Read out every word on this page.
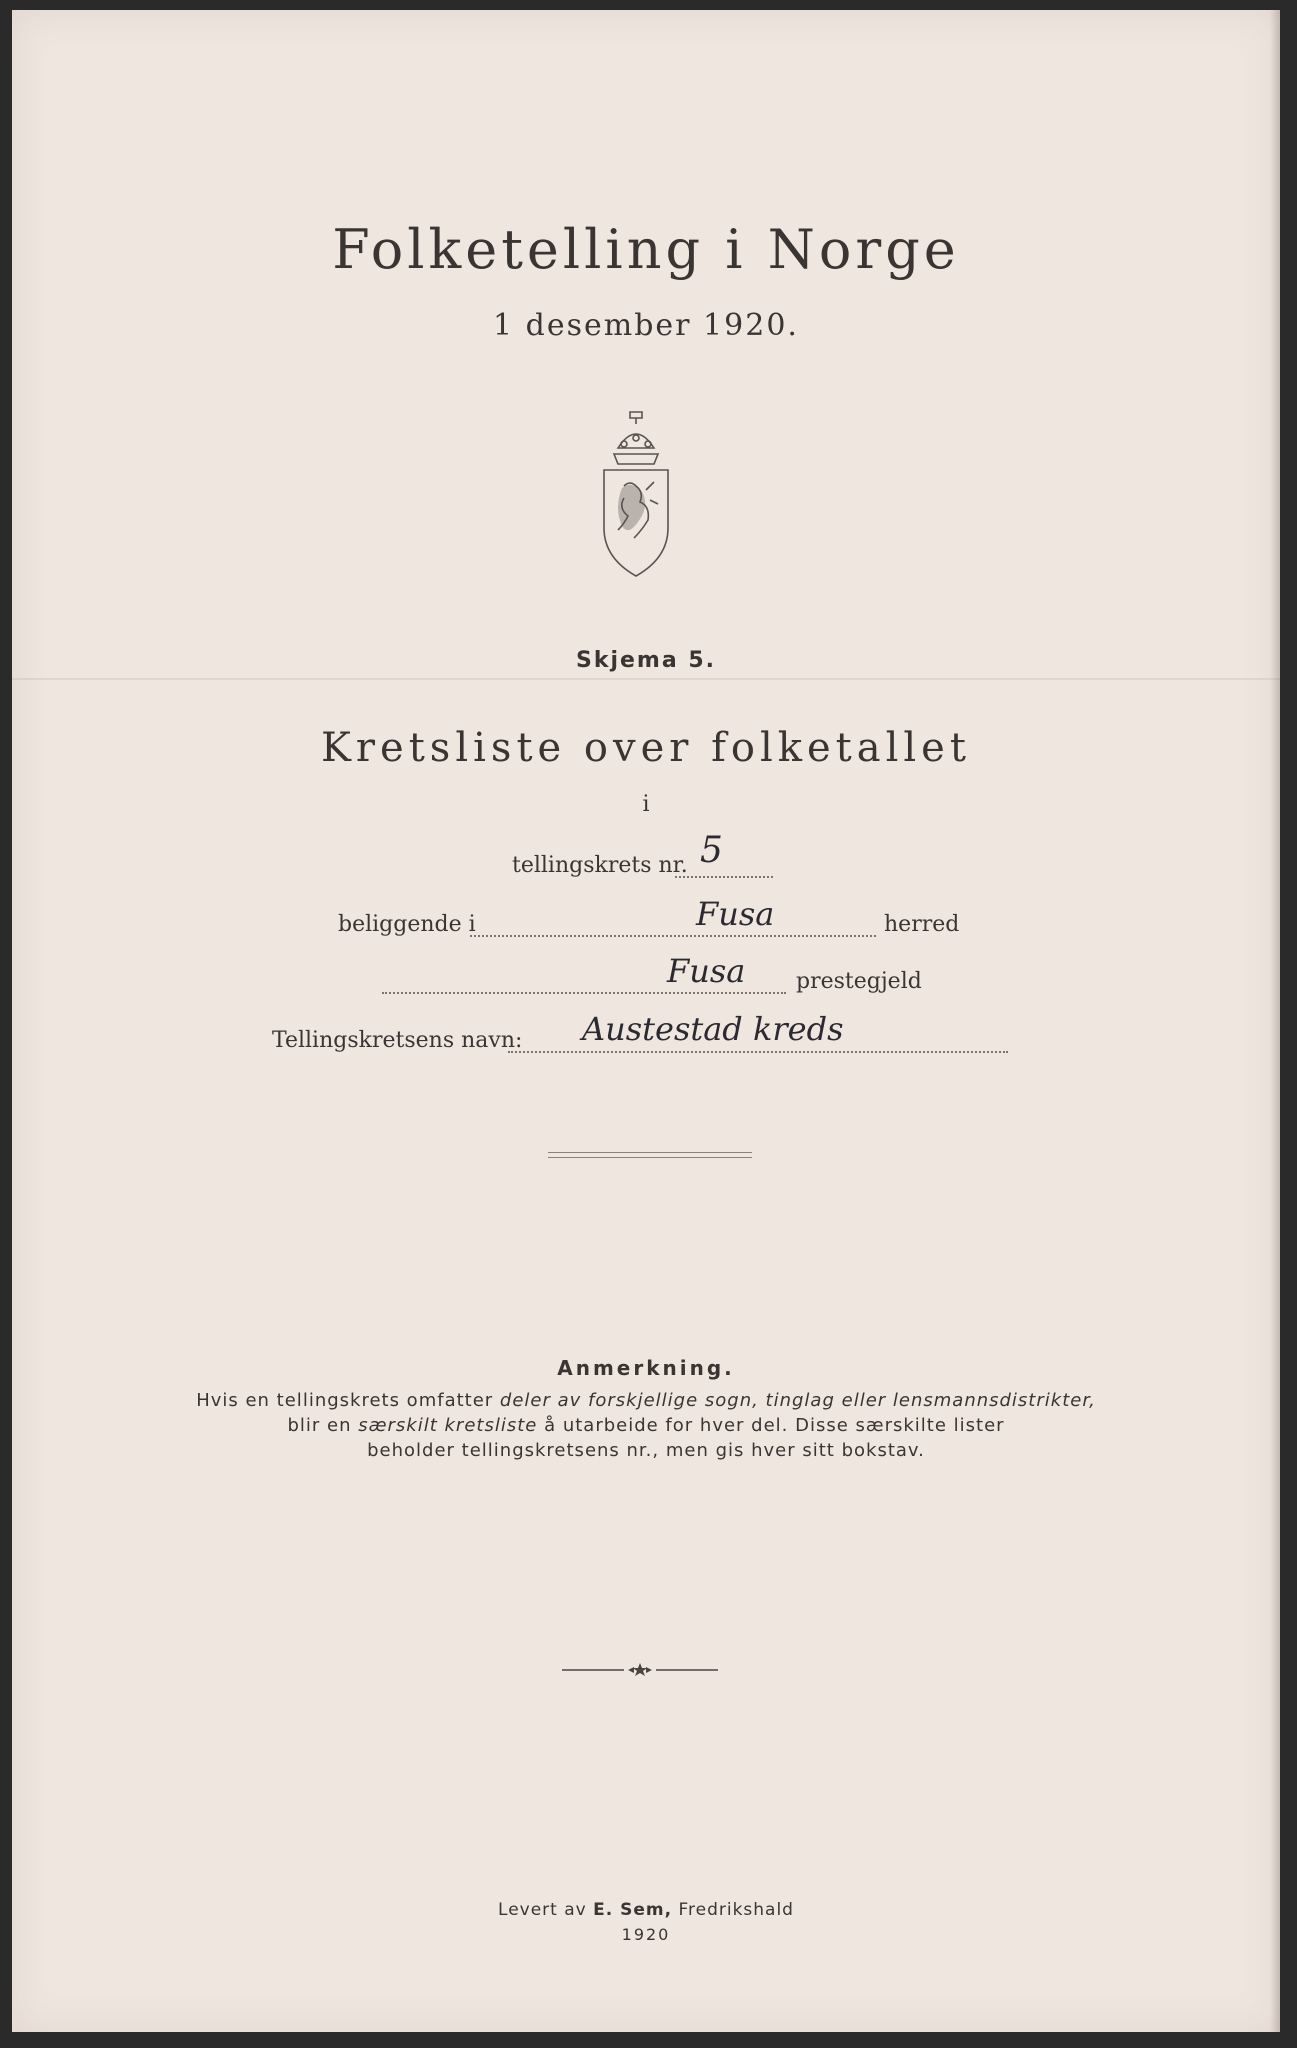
Folketelling i Norge
1 desember 1920.
Skjema 5.
Kretsliste over folketallet
i
tellingskrets nr. 5
beliggende i	Fusa	herred
Fusa prestegjeld
Tellingskretsens navn: Austestad kreds
Anmerkning.
Hvis en tellingskrets omfatter deler av forskjellige sogn, tinglag eller lensmannsdistrikter,
blir en særskilt kretsliste å utarbeide for hver del. Disse særskilte lister
beholder tellingskretsens nr., men gis hver sitt bokstav.
Levert av E. Sem, Fredrikshald
1920
